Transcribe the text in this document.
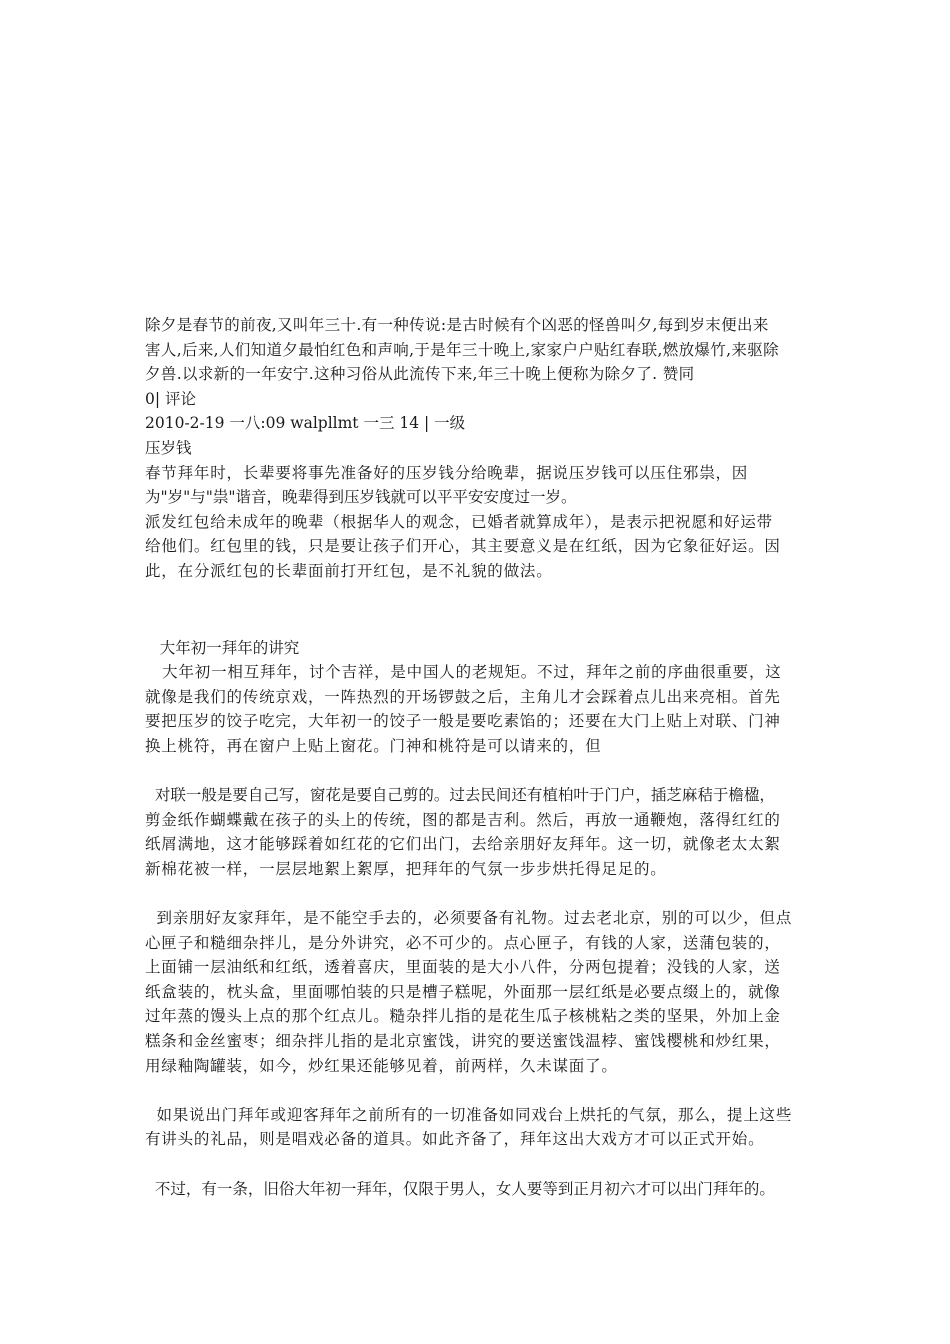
除夕是春节的前夜,又叫年三十.有一种传说:是古时候有个凶恶的怪兽叫夕,每到岁末便出来
害人,后来,人们知道夕最怕红色和声响,于是年三十晚上,家家户户贴红春联,燃放爆竹,来驱除
夕兽.以求新的一年安宁.这种习俗从此流传下来,年三十晚上便称为除夕了. 赞同
0| 评论
2010-2-19 一八:09 walpllmt 一三 14 | 一级
压岁钱
春节拜年时，长辈要将事先准备好的压岁钱分给晚辈，据说压岁钱可以压住邪祟，因
为"岁"与"祟"谐音，晚辈得到压岁钱就可以平平安安度过一岁。
派发红包给未成年的晚辈（根据华人的观念，已婚者就算成年），是表示把祝愿和好运带
给他们。红包里的钱，只是要让孩子们开心，其主要意义是在红纸，因为它象征好运。因
此，在分派红包的长辈面前打开红包，是不礼貌的做法。
大年初一拜年的讲究
大年初一相互拜年，讨个吉祥，是中国人的老规矩。不过，拜年之前的序曲很重要，这
就像是我们的传统京戏，一阵热烈的开场锣鼓之后，主角儿才会踩着点儿出来亮相。首先
要把压岁的饺子吃完，大年初一的饺子一般是要吃素馅的；还要在大门上贴上对联、门神
换上桃符，再在窗户上贴上窗花。门神和桃符是可以请来的，但
对联一般是要自己写，窗花是要自己剪的。过去民间还有植柏叶于门户，插芝麻秸于檐楹，
剪金纸作蝴蝶戴在孩子的头上的传统，图的都是吉利。然后，再放一通鞭炮，落得红红的
纸屑满地，这才能够踩着如红花的它们出门，去给亲朋好友拜年。这一切，就像老太太絮
新棉花被一样，一层层地絮上絮厚，把拜年的气氛一步步烘托得足足的。
到亲朋好友家拜年，是不能空手去的，必须要备有礼物。过去老北京，别的可以少，但点
心匣子和糙细杂拌儿，是分外讲究，必不可少的。点心匣子，有钱的人家，送蒲包装的，
上面铺一层油纸和红纸，透着喜庆，里面装的是大小八件，分两包提着；没钱的人家，送
纸盒装的，枕头盒，里面哪怕装的只是槽子糕呢，外面那一层红纸是必要点缀上的，就像
过年蒸的馒头上点的那个红点儿。糙杂拌儿指的是花生瓜子核桃粘之类的坚果，外加上金
糕条和金丝蜜枣；细杂拌儿指的是北京蜜饯，讲究的要送蜜饯温桲、蜜饯樱桃和炒红果，
用绿釉陶罐装，如今，炒红果还能够见着，前两样，久未谋面了。
如果说出门拜年或迎客拜年之前所有的一切准备如同戏台上烘托的气氛，那么，提上这些
有讲头的礼品，则是唱戏必备的道具。如此齐备了，拜年这出大戏方才可以正式开始。
不过，有一条，旧俗大年初一拜年，仅限于男人，女人要等到正月初六才可以出门拜年的。
